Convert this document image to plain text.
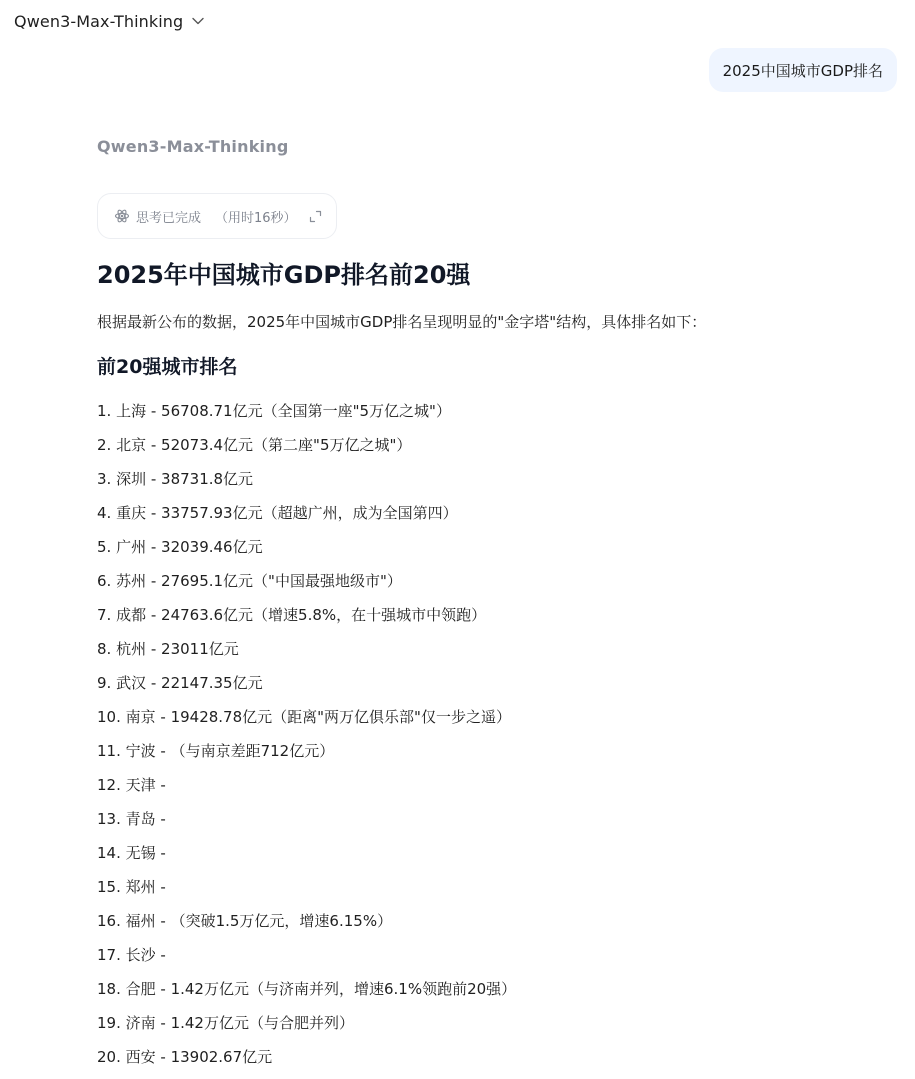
Qwen3-Max-Thinking
2025中国城市GDP排名
Qwen3-Max-Thinking
思考已完成 （用时16秒）
2025年中国城市GDP排名前20强

根据最新公布的数据，2025年中国城市GDP排名呈现明显的"金字塔"结构，具体排名如下：

前20强城市排名
1. 上海 - 56708.71亿元（全国第一座"5万亿之城"）
2. 北京 - 52073.4亿元（第二座"5万亿之城"）
3. 深圳 - 38731.8亿元
4. 重庆 - 33757.93亿元（超越广州，成为全国第四）
5. 广州 - 32039.46亿元
6. 苏州 - 27695.1亿元（"中国最强地级市"）
7. 成都 - 24763.6亿元（增速5.8%，在十强城市中领跑）
8. 杭州 - 23011亿元
9. 武汉 - 22147.35亿元
10. 南京 - 19428.78亿元（距离"两万亿俱乐部"仅一步之遥）
11. 宁波 - （与南京差距712亿元）
12. 天津 -
13. 青岛 -
14. 无锡 -
15. 郑州 -
16. 福州 - （突破1.5万亿元，增速6.15%）
17. 长沙 -
18. 合肥 - 1.42万亿元（与济南并列，增速6.1%领跑前20强）
19. 济南 - 1.42万亿元（与合肥并列）
20. 西安 - 13902.67亿元
